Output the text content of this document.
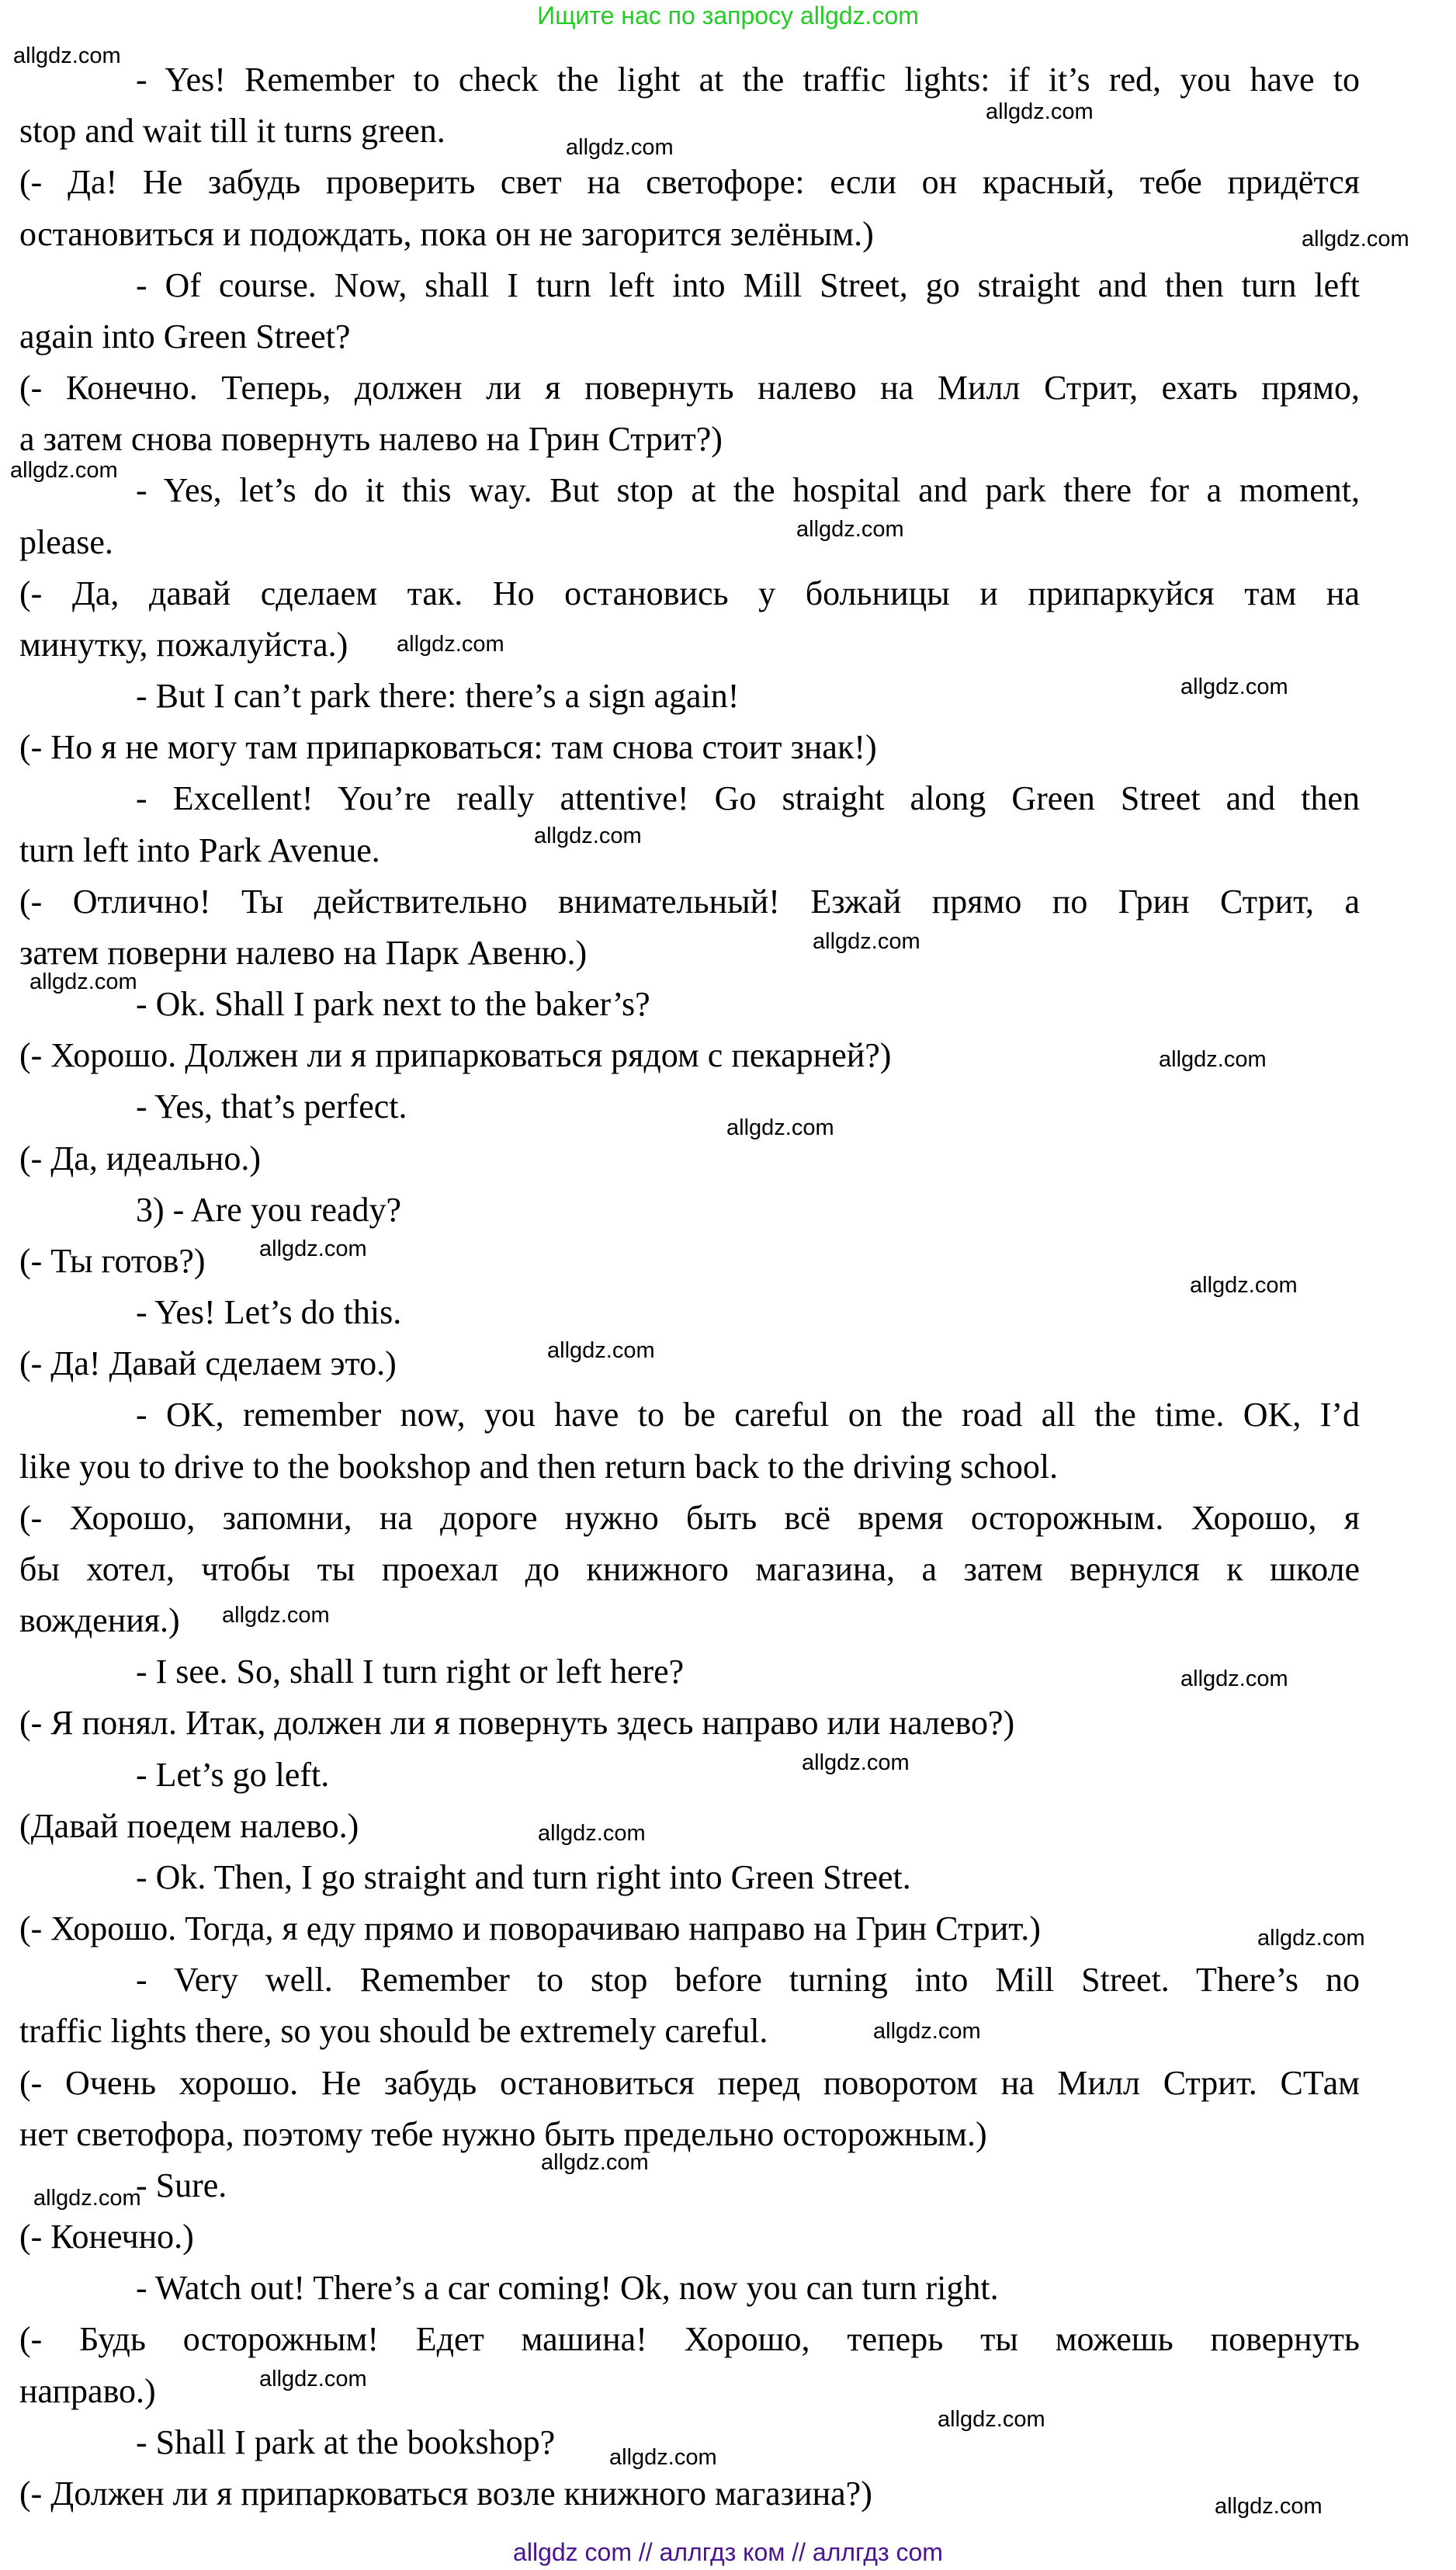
Ищите нас по запросу allgdz.com
- Yes! Remember to check the light at the traffic lights: if it’s red, you have to
stop and wait till it turns green.
(- Да! Не забудь проверить свет на светофоре: если он красный, тебе придётся
остановиться и подождать, пока он не загорится зелёным.)
- Of course. Now, shall I turn left into Mill Street, go straight and then turn left
again into Green Street?
(- Конечно. Теперь, должен ли я повернуть налево на Милл Стрит, ехать прямо,
а затем снова повернуть налево на Грин Стрит?)
- Yes, let’s do it this way. But stop at the hospital and park there for a moment,
please.
(- Да, давай сделаем так. Но остановись у больницы и припаркуйся там на
минутку, пожалуйста.)
- But I can’t park there: there’s a sign again!
(- Но я не могу там припарковаться: там снова стоит знак!)
- Excellent! You’re really attentive! Go straight along Green Street and then
turn left into Park Avenue.
(- Отлично! Ты действительно внимательный! Езжай прямо по Грин Стрит, а
затем поверни налево на Парк Авеню.)
- Ok. Shall I park next to the baker’s?
(- Хорошо. Должен ли я припарковаться рядом с пекарней?)
- Yes, that’s perfect.
(- Да, идеально.)
3) - Are you ready?
(- Ты готов?)
- Yes! Let’s do this.
(- Да! Давай сделаем это.)
- OK, remember now, you have to be careful on the road all the time. OK, I’d
like you to drive to the bookshop and then return back to the driving school.
(- Хорошо, запомни, на дороге нужно быть всё время осторожным. Хорошо, я
бы хотел, чтобы ты проехал до книжного магазина, а затем вернулся к школе
вождения.)
- I see. So, shall I turn right or left here?
(- Я понял. Итак, должен ли я повернуть здесь направо или налево?)
- Let’s go left.
(Давай поедем налево.)
- Ok. Then, I go straight and turn right into Green Street.
(- Хорошо. Тогда, я еду прямо и поворачиваю направо на Грин Стрит.)
- Very well. Remember to stop before turning into Mill Street. There’s no
traffic lights there, so you should be extremely careful.
(- Очень хорошо. Не забудь остановиться перед поворотом на Милл Стрит. СТам
нет светофора, поэтому тебе нужно быть предельно осторожным.)
- Sure.
(- Конечно.)
- Watch out! There’s a car coming! Ok, now you can turn right.
(- Будь осторожным! Едет машина! Хорошо, теперь ты можешь повернуть
направо.)
- Shall I park at the bookshop?
(- Должен ли я припарковаться возле книжного магазина?)
allgdz.com
allgdz.com
allgdz.com
allgdz.com
allgdz.com
allgdz.com
allgdz.com
allgdz.com
allgdz.com
allgdz.com
allgdz.com
allgdz.com
allgdz.com
allgdz.com
allgdz.com
allgdz.com
allgdz.com
allgdz.com
allgdz.com
allgdz.com
allgdz.com
allgdz.com
allgdz.com
allgdz.com
allgdz.com
allgdz.com
allgdz.com
allgdz.com
allgdz com // аллгдз ком // аллгдз com
